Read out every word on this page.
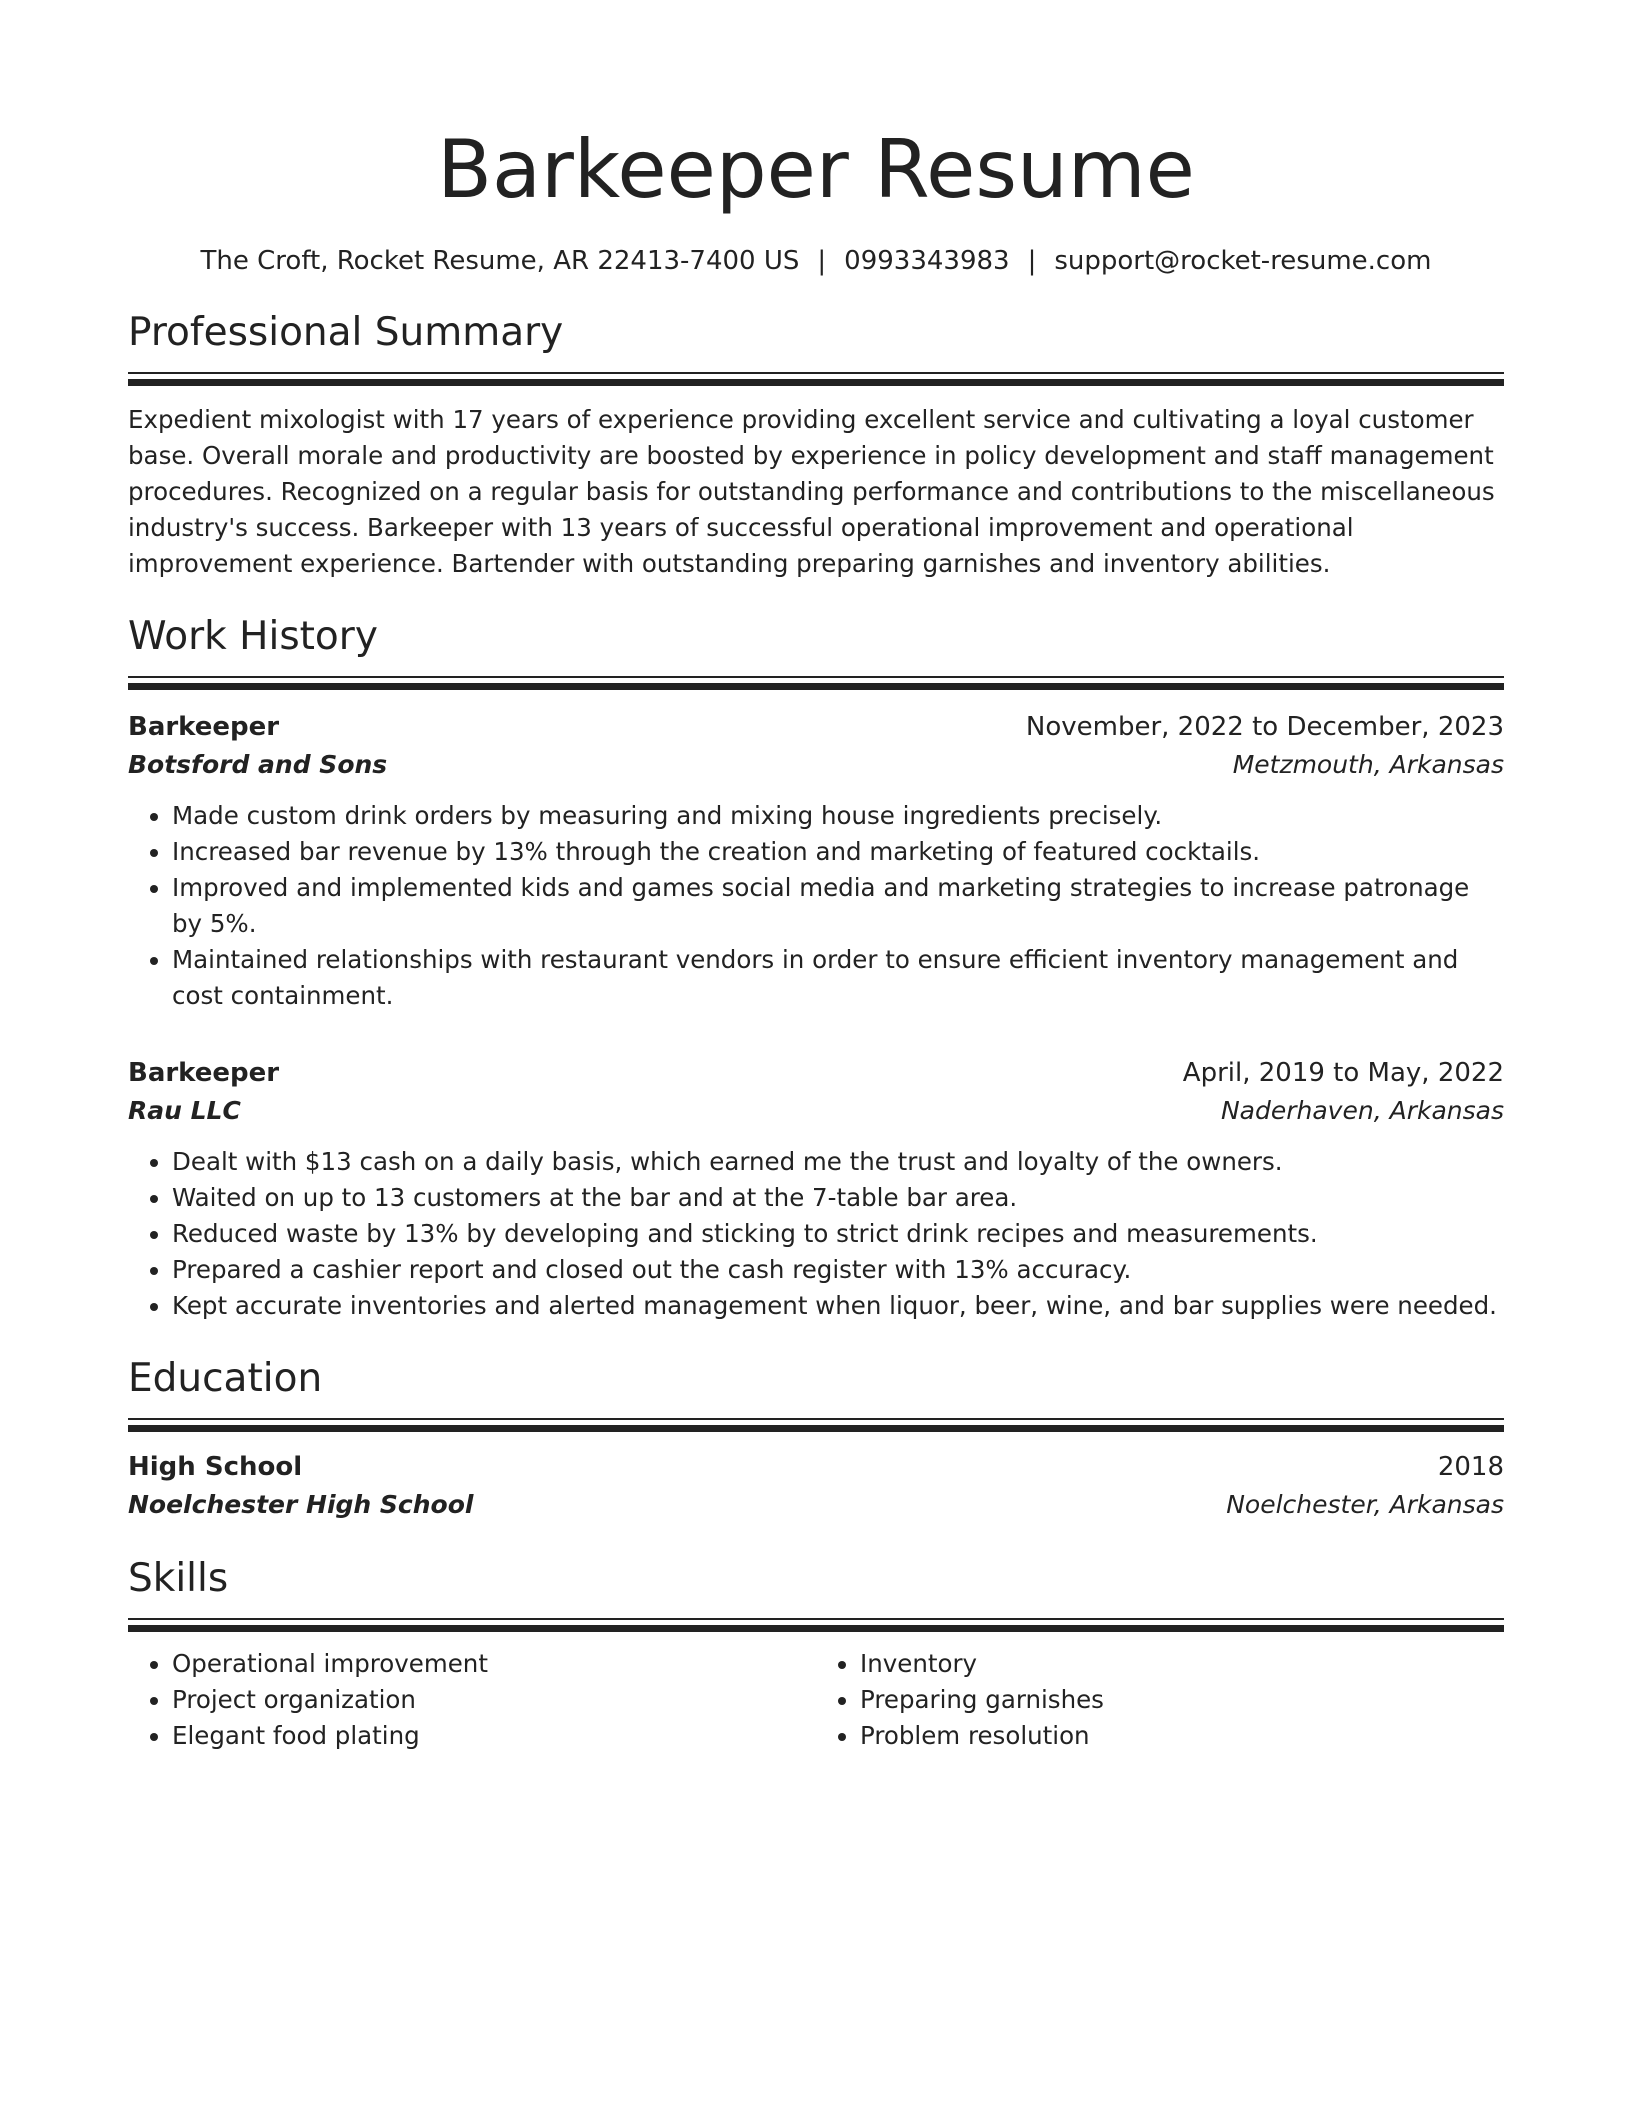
Barkeeper Resume
The Croft, Rocket Resume, AR 22413-7400 US | 0993343983 | support@rocket-resume.com
Professional Summary
Expedient mixologist with 17 years of experience providing excellent service and cultivating a loyal customer base. Overall morale and productivity are boosted by experience in policy development and staff management procedures. Recognized on a regular basis for outstanding performance and contributions to the miscellaneous industry's success. Barkeeper with 13 years of successful operational improvement and operational improvement experience. Bartender with outstanding preparing garnishes and inventory abilities.
Work History
Barkeeper	November, 2022 to December, 2023
Botsford and Sons	Metzmouth, Arkansas
• Made custom drink orders by measuring and mixing house ingredients precisely.
• Increased bar revenue by 13% through the creation and marketing of featured cocktails.
• Improved and implemented kids and games social media and marketing strategies to increase patronage by 5%.
• Maintained relationships with restaurant vendors in order to ensure efficient inventory management and cost containment.
Barkeeper	April, 2019 to May, 2022
Rau LLC	Naderhaven, Arkansas
• Dealt with $13 cash on a daily basis, which earned me the trust and loyalty of the owners.
• Waited on up to 13 customers at the bar and at the 7-table bar area.
• Reduced waste by 13% by developing and sticking to strict drink recipes and measurements.
• Prepared a cashier report and closed out the cash register with 13% accuracy.
• Kept accurate inventories and alerted management when liquor, beer, wine, and bar supplies were needed.
Education
High School	2018
Noelchester High School	Noelchester, Arkansas
Skills
• Operational improvement
• Project organization
• Elegant food plating
• Inventory
• Preparing garnishes
• Problem resolution
